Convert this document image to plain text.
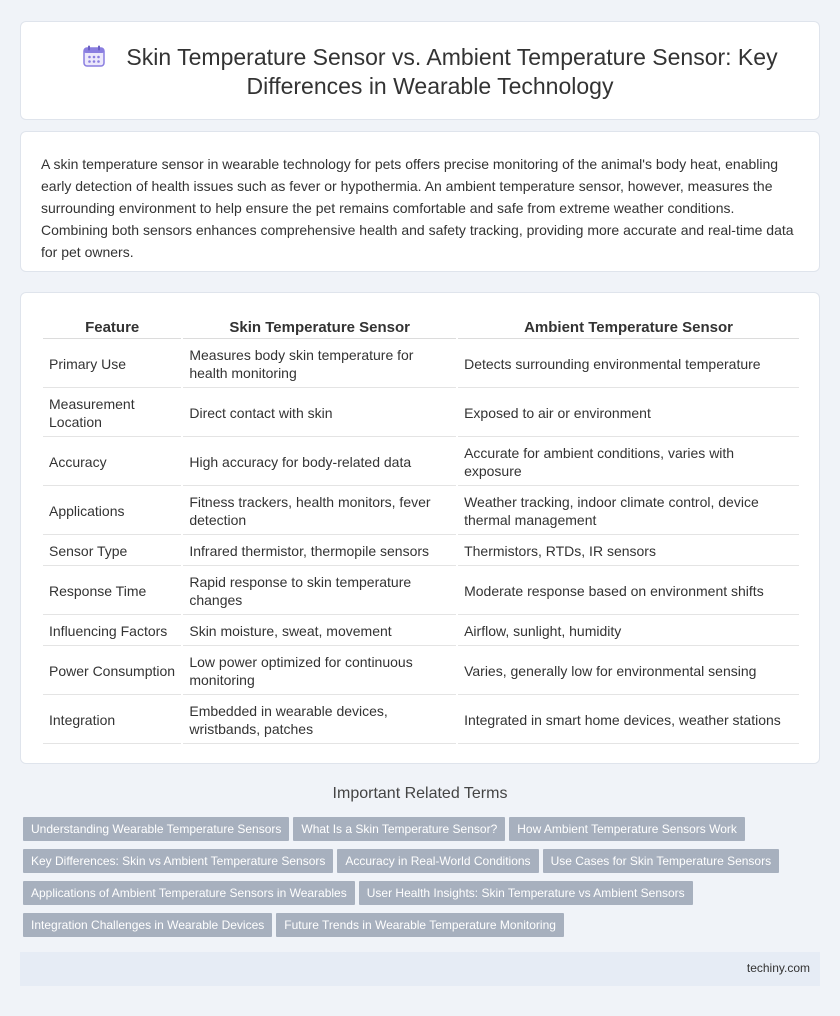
Skin Temperature Sensor vs. Ambient Temperature Sensor: Key Differences in Wearable Technology

A skin temperature sensor in wearable technology for pets offers precise monitoring of the animal's body heat, enabling early detection of health issues such as fever or hypothermia. An ambient temperature sensor, however, measures the surrounding environment to help ensure the pet remains comfortable and safe from extreme weather conditions. Combining both sensors enhances comprehensive health and safety tracking, providing more accurate and real-time data for pet owners.

Feature	Skin Temperature Sensor	Ambient Temperature Sensor
Primary Use	Measures body skin temperature for health monitoring	Detects surrounding environmental temperature
Measurement Location	Direct contact with skin	Exposed to air or environment
Accuracy	High accuracy for body-related data	Accurate for ambient conditions, varies with exposure
Applications	Fitness trackers, health monitors, fever detection	Weather tracking, indoor climate control, device thermal management
Sensor Type	Infrared thermistor, thermopile sensors	Thermistors, RTDs, IR sensors
Response Time	Rapid response to skin temperature changes	Moderate response based on environment shifts
Influencing Factors	Skin moisture, sweat, movement	Airflow, sunlight, humidity
Power Consumption	Low power optimized for continuous monitoring	Varies, generally low for environmental sensing
Integration	Embedded in wearable devices, wristbands, patches	Integrated in smart home devices, weather stations
Important Related Terms
Understanding Wearable Temperature Sensors What Is a Skin Temperature Sensor? How Ambient Temperature Sensors Work
Key Differences: Skin vs Ambient Temperature Sensors Accuracy in Real-World Conditions Use Cases for Skin Temperature Sensors
Applications of Ambient Temperature Sensors in Wearables User Health Insights: Skin Temperature vs Ambient Sensors
Integration Challenges in Wearable Devices Future Trends in Wearable Temperature Monitoring
techiny.com
